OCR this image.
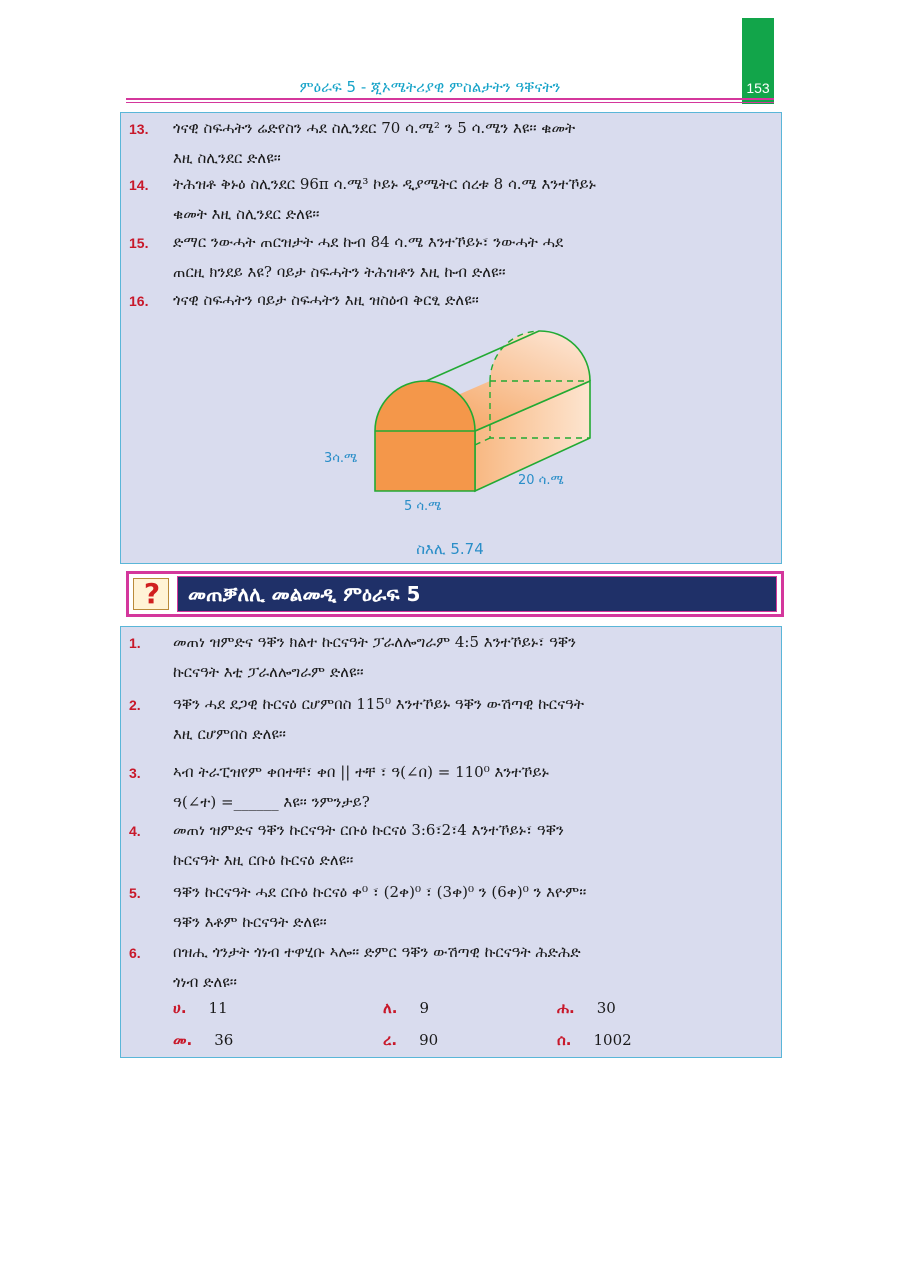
153
ምዕራፍ 5 - ጂኦሜትሪያዊ ምስልታትን ዓቐናትን
13. ጎናዊ ስፍሓትን ሬድየስን ሓደ ስሊንደር 70 ሳ.ሜ² ን 5 ሳ.ሜን እዩ፡፡ ቁመት
እዚ ስሊንደር ድለዩ፡፡
14. ትሕዝቶ ቅኑዕ ስሊንደር 96π ሳ.ሜ³ ኮይኑ ዲያሜትር ሰረቱ 8 ሳ.ሜ እንተኾይኑ
ቁመት እዚ ስሊንደር ድለዩ፡፡
15. ድማር ንውሓት ጠርዝታት ሓደ ኩብ 84 ሳ.ሜ እንተኾይኑ፣ ንውሓት ሓደ
ጠርዚ ክንደይ እዩ? ባይታ ስፍሓትን ትሕዝቶን እዚ ኩብ ድለዩ፡፡
16. ጎናዊ ስፍሓትን ባይታ ስፍሓትን እዚ ዝስዕብ ቅርፂ ድለዩ፡፡
3ሳ.ሜ
5 ሳ.ሜ
20 ሳ.ሜ
ስእሊ 5.74
?	መጠቓለሊ መልመዲ ምዕራፍ 5
1. መጠነ ዝምድና ዓቐን ክልተ ኩርናዓት ፓራለሎግራም 4:5 እንተኾይኑ፣ ዓቐን
ኩርናዓት እቲ ፓራለሎግራም ድለዩ፡፡
2. ዓቐን ሓደ ደጋዊ ኩርናዕ ርሆምበስ 115⁰ እንተኾይኑ ዓቐን ውሽጣዊ ኩርናዓት
እዚ ርሆምበስ ድለዩ፡፡
3. ኣብ ትራፒዝየም ቀበተቸ፣ ቀበ || ተቸ ፣ ዓ(∠በ) = 110⁰ እንተኾይኑ
ዓ(∠ተ) =______ እዩ፡፡ ንምንታይ?
4. መጠነ ዝምድና ዓቐን ኩርናዓት ርቡዕ ኩርናዕ 3:6፣2፣4 እንተኾይኑ፣ ዓቐን
ኩርናዓት እዚ ርቡዕ ኩርናዕ ድለዩ፡፡
5. ዓቐን ኩርናዓት ሓደ ርቡዕ ኩርናዕ ቀ⁰ ፣ (2ቀ)⁰ ፣ (3ቀ)⁰ ን (6ቀ)⁰ ን እዮም፡፡
ዓቐን እቶም ኩርናዓት ድለዩ፡፡
6. በዝሒ ጎንታት ጎነብ ተዋሂቡ ኣሎ፡፡ ድምር ዓቐን ውሽጣዊ ኩርናዓት ሕድሕድ
ጎነብ ድለዩ፡፡
ሀ. 11	ለ. 9	ሐ. 30
መ. 36	ረ. 90	ሰ. 1002
